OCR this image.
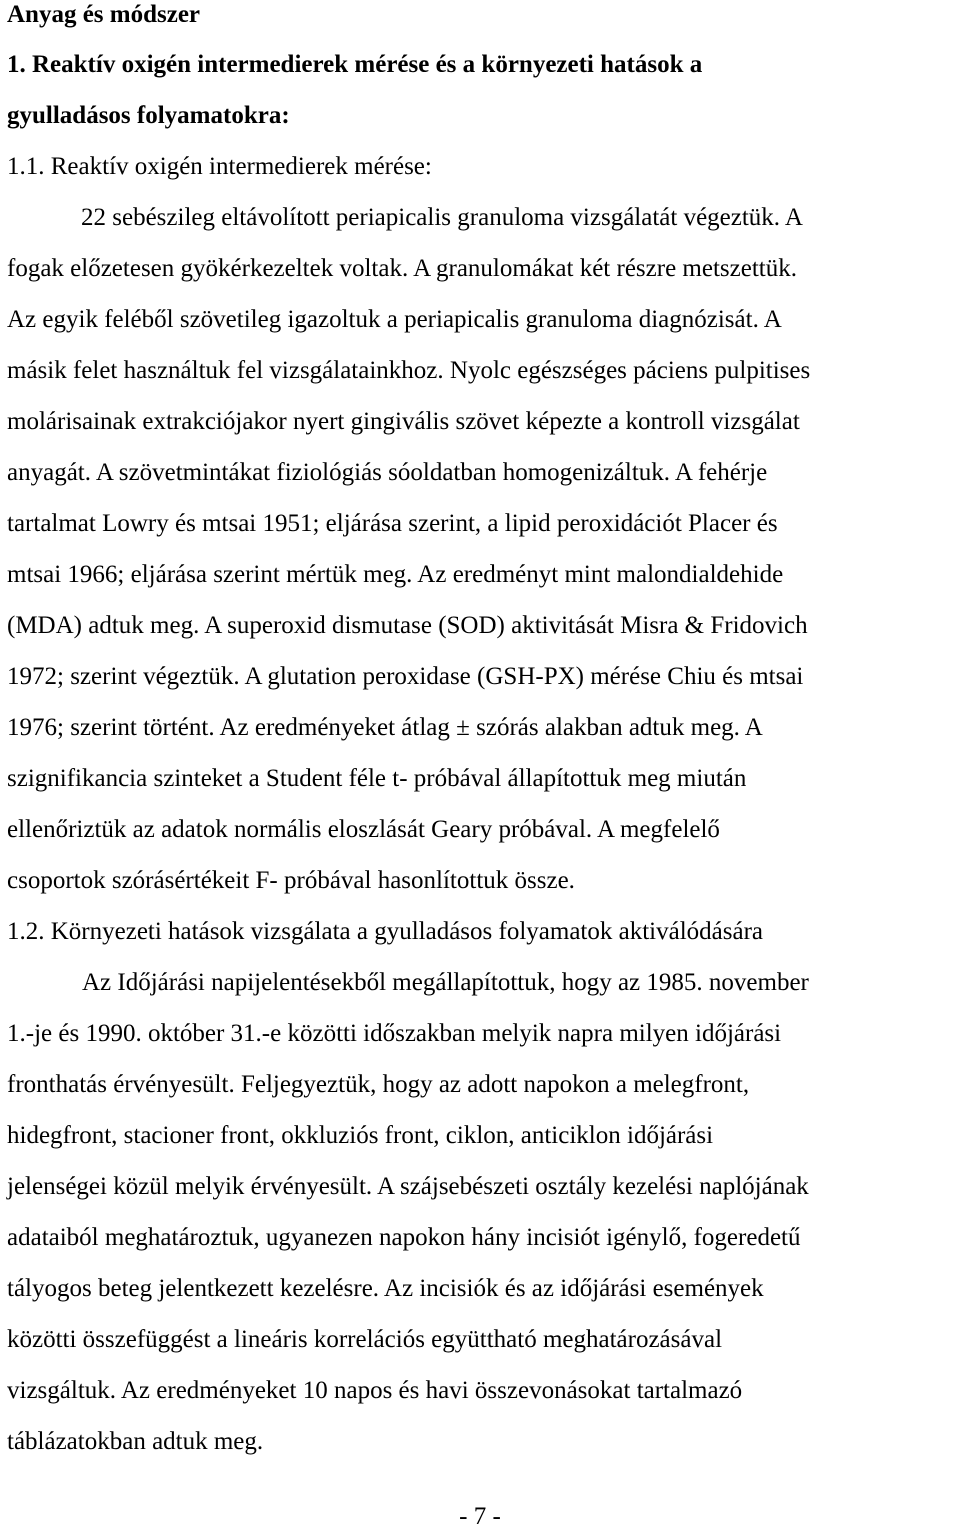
Anyag és módszer
1. Reaktív oxigén intermedierek mérése és a környezeti hatások a
gyulladásos folyamatokra:
1.1. Reaktív oxigén intermedierek mérése:
22 sebészileg eltávolított periapicalis granuloma vizsgálatát végeztük. A
fogak előzetesen gyökérkezeltek voltak. A granulomákat két részre metszettük.
Az egyik feléből szövetileg igazoltuk a periapicalis granuloma diagnózisát. A
másik felet használtuk fel vizsgálatainkhoz. Nyolc egészséges páciens pulpitises
molárisainak extrakciójakor nyert gingivális szövet képezte a kontroll vizsgálat
anyagát. A szövetmintákat fiziológiás sóoldatban homogenizáltuk. A fehérje
tartalmat Lowry és mtsai 1951; eljárása szerint, a lipid peroxidációt Placer és
mtsai 1966; eljárása szerint mértük meg. Az eredményt mint malondialdehide
(MDA) adtuk meg. A superoxid dismutase (SOD) aktivitását Misra & Fridovich
1972; szerint végeztük. A glutation peroxidase (GSH-PX) mérése Chiu és mtsai
1976; szerint történt. Az eredményeket átlag ± szórás alakban adtuk meg. A
szignifikancia szinteket a Student féle t- próbával állapítottuk meg miután
ellenőriztük az adatok normális eloszlását Geary próbával. A megfelelő
csoportok szórásértékeit F- próbával hasonlítottuk össze.
1.2. Környezeti hatások vizsgálata a gyulladásos folyamatok aktiválódására
Az Időjárási napijelentésekből megállapítottuk, hogy az 1985. november
1.-je és 1990. október 31.-e közötti időszakban melyik napra milyen időjárási
fronthatás érvényesült. Feljegyeztük, hogy az adott napokon a melegfront,
hidegfront, stacioner front, okkluziós front, ciklon, anticiklon időjárási
jelenségei közül melyik érvényesült. A szájsebészeti osztály kezelési naplójának
adataiból meghatároztuk, ugyanezen napokon hány incisiót igénylő, fogeredetű
tályogos beteg jelentkezett kezelésre. Az incisiók és az időjárási események
közötti összefüggést a lineáris korrelációs együttható meghatározásával
vizsgáltuk. Az eredményeket 10 napos és havi összevonásokat tartalmazó
táblázatokban adtuk meg.
- 7 -
